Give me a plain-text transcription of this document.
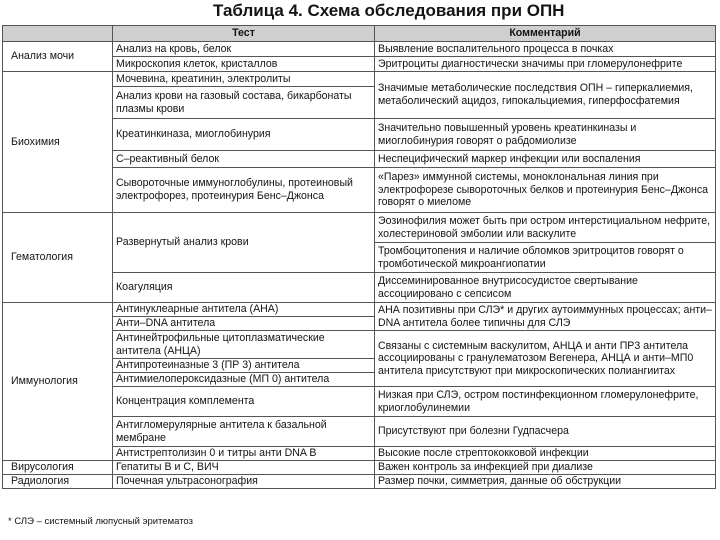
Таблица 4. Схема обследования при ОПН
	Тест	Комментарий
Анализ мочи	Анализ на кровь, белок	Выявление воспалительного процесса в почках
	Микроскопия клеток, кристаллов	Эритроциты диагностически значимы при гломерулонефрите
Биохимия	Мочевина, креатинин, электролиты	Значимые метаболические последствия ОПН – гиперкалиемия, метаболический ацидоз, гипокальциемия, гиперфосфатемия
	Анализ крови на газовый состава, бикарбонаты плазмы крови	
	Креатинкиназа, миоглобинурия	Значительно повышенный уровень креатинкиназы и миоглобинурия говорят о рабдомиолизе
	С–реактивный белок	Неспецифический маркер инфекции или воспаления
	Сывороточные иммуноглобулины, протеиновый электрофорез, протеинурия Бенс–Джонса	«Парез» иммунной системы, моноклональная линия при электрофорезе сывороточных белков и протеинурия Бенс–Джонса говорят о миеломе

Гематология	Развернутый анализ крови	Эозинофилия может быть при остром интерстициальном нефрите, холестериновой эмболии или васкулите
		Тромбоцитопения и наличие обломков эритроцитов говорят о тромботической микроангиопатии
	Коагуляция	Диссеминированное внутрисосудистое свертывание ассоциировано с сепсисом
Иммунология	Антинуклеарные антитела (АНА)	АНА позитивны при СЛЭ* и других аутоиммунных процессах; анти– DNA антитела более типичны для СЛЭ
	Анти–DNA антитела	
	Антинейтрофильные цитоплазматические антитела (АНЦА)	Связаны с системным васкулитом, АНЦА и анти ПР3 антитела ассоциированы с гранулематозом Вегенера, АНЦА и анти–МП0 антитела присутствуют при микроскопических полиангиитах
	Антипротеиназные 3 (ПР 3) антитела	
	Антимиелопероксидазные (МП 0) антитела	
	Концентрация комплемента	Низкая при СЛЭ, остром постинфекционном гломерулонефрите, криоглобулинемии
	Антигломерулярные антитела к базальной мембране	Присутствуют при болезни Гудпасчера
	Антистрептолизин 0 и титры анти DNA B	Высокие после стрептококковой инфекции

Вирусология	Гепатиты В и С, ВИЧ	Важен контроль за инфекцией при диализе
Радиология	Почечная ультрасонография	Размер почки, симметрия, данные об обструкции
* СЛЭ – системный люпусный эритематоз
